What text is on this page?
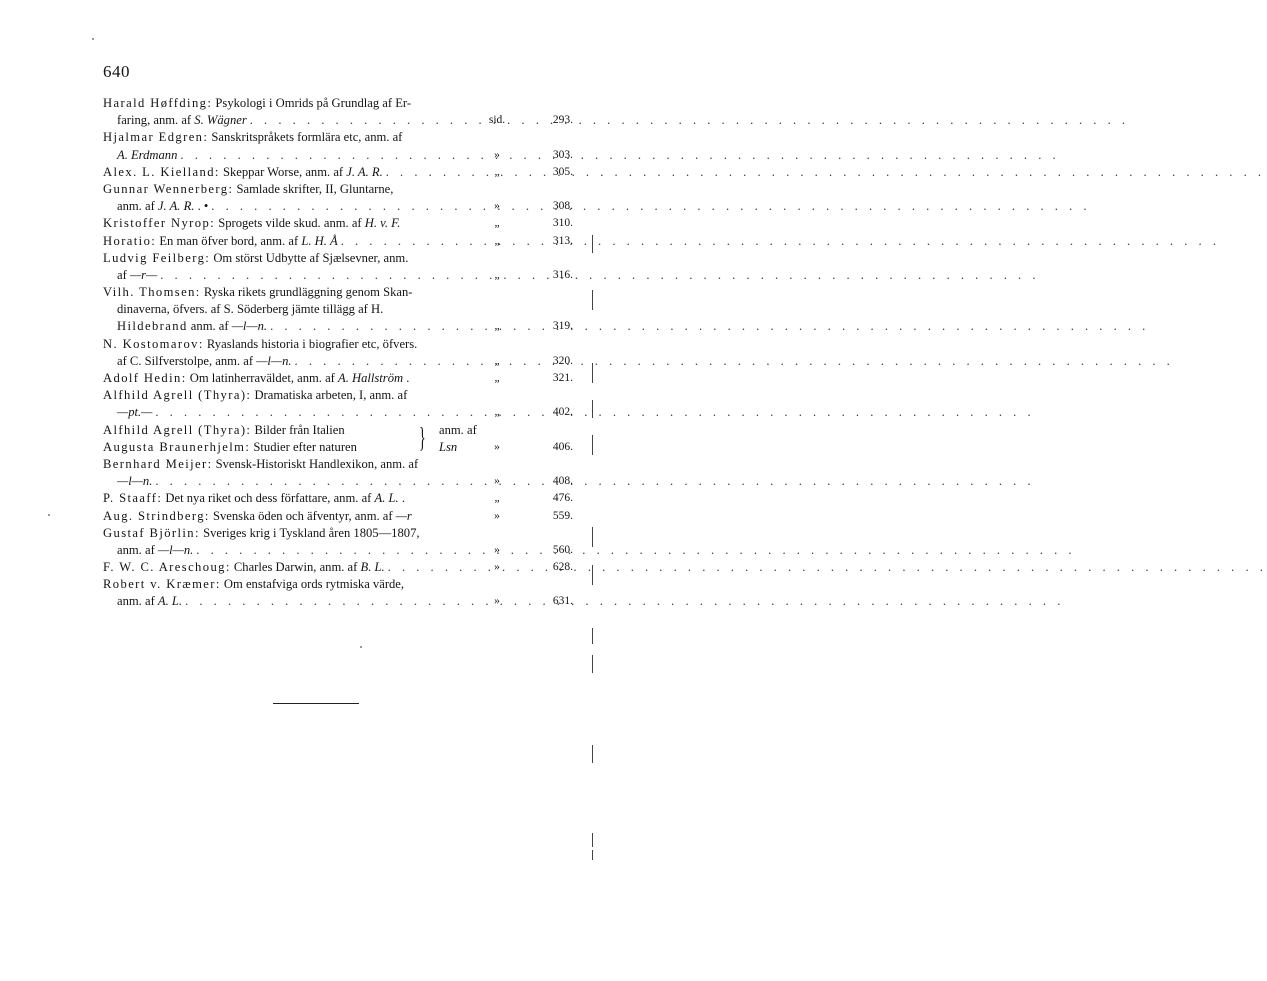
640
Harald Høffding: Psykologi i Omrids på Grundlag af Er-
faring, anm. af S. Wägner . . .	sid.	293.
Hjalmar Edgren: Sanskritspråkets formlära etc, anm. af
A. Erdmann . . .	»	303.
Alex. L. Kielland: Skeppar Worse, anm. af J. A. R. . . .	„	305.
Gunnar Wennerberg: Samlade skrifter, II, Gluntarne,
anm. af J. A. R. . • . . .	»	308.
Kristoffer Nyrop: Sprogets vilde skud. anm. af H. v. F.	„	310.
Horatio: En man öfver bord, anm. af L. H. Å . . .	„	313.
Ludvig Feilberg: Om störst Udbytte af Sjælsevner, anm.
af —r— . . .	„	316.
Vilh. Thomsen: Ryska rikets grundläggning genom Skan-
dinaverna, öfvers. af S. Söderberg jämte tillägg af H.
Hildebrand anm. af —l—n. . . .	„	319.
N. Kostomarov: Ryaslands historia i biografier etc, öfvers.
af C. Silfverstolpe, anm. af —l—n. . . .	„	320.
Adolf Hedin: Om latinherraväldet, anm. af A. Hallström .	„	321.
Alfhild Agrell (Thyra): Dramatiska arbeten, I, anm. af
—pt.— . . .	„	402.
Alfhild Agrell (Thyra): Bilder från Italien
Augusta Braunerhjelm: Studier efter naturen } anm. af
Lsn	»	406.
Bernhard Meijer: Svensk-Historiskt Handlexikon, anm. af
—l—n. . . .	»	408.
P. Staaff: Det nya riket och dess författare, anm. af A. L. .	„	476.
Aug. Strindberg: Svenska öden och äfventyr, anm. af —r	»	559.
Gustaf Björlin: Sveriges krig i Tyskland åren 1805—1807,
anm. af —l—n. . . .	»	560.
F. W. C. Areschoug: Charles Darwin, anm. af B. L. . . .	»	628.
Robert v. Kræmer: Om enstafviga ords rytmiska värde,
anm. af A. L. . . .	»	631.
